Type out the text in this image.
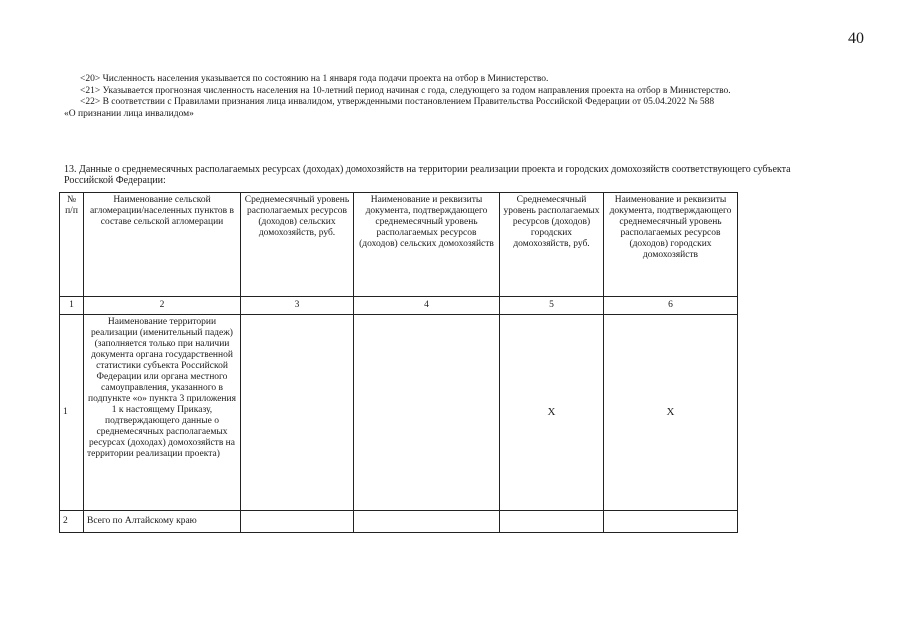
40
<20> Численность населения указывается по состоянию на 1 января года подачи проекта на отбор в Министерство.
<21> Указывается прогнозная численность населения на 10-летний период начиная с года, следующего за годом направления проекта на отбор в Министерство.
<22> В соответствии с Правилами признания лица инвалидом, утвержденными постановлением Правительства Российской Федерации от 05.04.2022 № 588
«О признании лица инвалидом»
13. Данные о среднемесячных располагаемых ресурсах (доходах) домохозяйств на территории реализации проекта и городских домохозяйств соответствующего субъекта Российской Федерации:
№ п/п	Наименование сельской агломерации/населенных пунктов в составе сельской агломерации	Среднемесячный уровень располагаемых ресурсов (доходов) сельских домохозяйств, руб.	Наименование и реквизиты документа, подтверждающего среднемесячный уровень располагаемых ресурсов (доходов) сельских домохозяйств	Среднемесячный уровень располагаемых ресурсов (доходов) городских домохозяйств, руб.	Наименование и реквизиты документа, подтверждающего среднемесячный уровень располагаемых ресурсов (доходов) городских домохозяйств
1	2	3	4	5	6
1	Наименование территории реализации (именительный падеж) (заполняется только при наличии документа органа государственной статистики субъекта Российской Федерации или органа местного самоуправления, указанного в подпункте «о» пункта 3 приложения 1 к настоящему Приказу, подтверждающего данные о среднемесячных располагаемых ресурсах (доходах) домохозяйств на территории реализации проекта)			X	X
2	Всего по Алтайскому краю				
